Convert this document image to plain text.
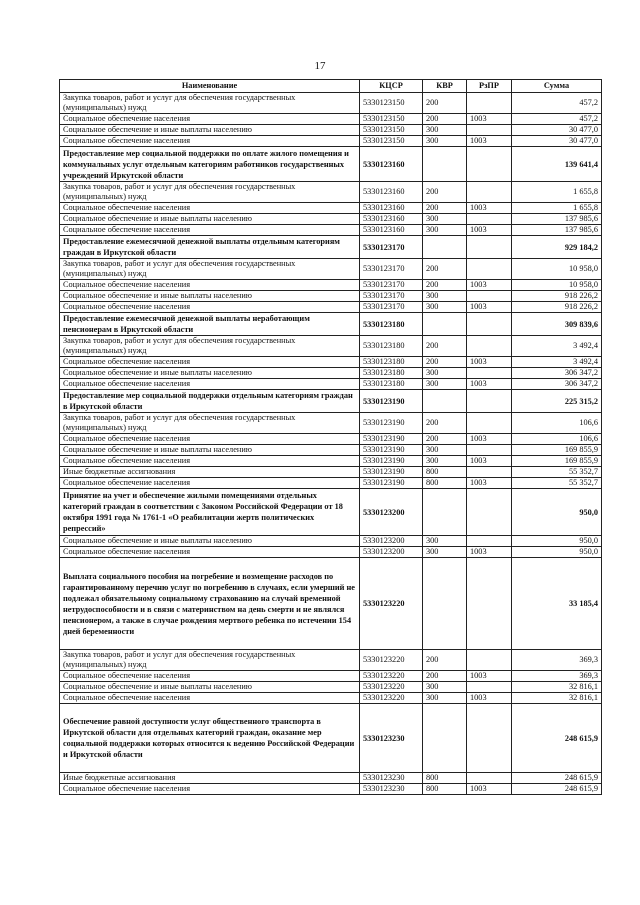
17
Наименование	КЦСР	КВР	РзПР	Сумма
Закупка товаров, работ и услуг для обеспечения государственных (муниципальных) нужд	5330123150	200		457,2
Социальное обеспечение населения	5330123150	200	1003	457,2
Социальное обеспечение и иные выплаты населению	5330123150	300		30 477,0
Социальное обеспечение населения	5330123150	300	1003	30 477,0
Предоставление мер социальной поддержки по оплате жилого помещения и коммунальных услуг отдельным категориям работников государственных учреждений Иркутской области	5330123160			139 641,4
Закупка товаров, работ и услуг для обеспечения государственных (муниципальных) нужд	5330123160	200		1 655,8
Социальное обеспечение населения	5330123160	200	1003	1 655,8
Социальное обеспечение и иные выплаты населению	5330123160	300		137 985,6
Социальное обеспечение населения	5330123160	300	1003	137 985,6
Предоставление ежемесячной денежной выплаты отдельным категориям граждан в Иркутской области	5330123170			929 184,2
Закупка товаров, работ и услуг для обеспечения государственных (муниципальных) нужд	5330123170	200		10 958,0
Социальное обеспечение населения	5330123170	200	1003	10 958,0
Социальное обеспечение и иные выплаты населению	5330123170	300		918 226,2
Социальное обеспечение населения	5330123170	300	1003	918 226,2
Предоставление ежемесячной денежной выплаты неработающим пенсионерам в Иркутской области	5330123180			309 839,6
Закупка товаров, работ и услуг для обеспечения государственных (муниципальных) нужд	5330123180	200		3 492,4
Социальное обеспечение населения	5330123180	200	1003	3 492,4
Социальное обеспечение и иные выплаты населению	5330123180	300		306 347,2
Социальное обеспечение населения	5330123180	300	1003	306 347,2
Предоставление мер социальной поддержки отдельным категориям граждан в Иркутской области	5330123190			225 315,2
Закупка товаров, работ и услуг для обеспечения государственных (муниципальных) нужд	5330123190	200		106,6
Социальное обеспечение населения	5330123190	200	1003	106,6
Социальное обеспечение и иные выплаты населению	5330123190	300		169 855,9
Социальное обеспечение населения	5330123190	300	1003	169 855,9
Иные бюджетные ассигнования	5330123190	800		55 352,7
Социальное обеспечение населения	5330123190	800	1003	55 352,7
Принятие на учет и обеспечение жилыми помещениями отдельных категорий граждан в соответствии с Законом Российской Федерации от 18 октября 1991 года № 1761-1 «О реабилитации жертв политических репрессий»	5330123200			950,0
Социальное обеспечение и иные выплаты населению	5330123200	300		950,0
Социальное обеспечение населения	5330123200	300	1003	950,0
Выплата социального пособия на погребение и возмещение расходов по гарантированному перечню услуг по погребению в случаях, если умерший не подлежал обязательному социальному страхованию на случай временной нетрудоспособности и в связи с материнством на день смерти и не являлся пенсионером, а также в случае рождения мертвого ребенка по истечении 154 дней беременности	5330123220			33 185,4
Закупка товаров, работ и услуг для обеспечения государственных (муниципальных) нужд	5330123220	200		369,3
Социальное обеспечение населения	5330123220	200	1003	369,3
Социальное обеспечение и иные выплаты населению	5330123220	300		32 816,1
Социальное обеспечение населения	5330123220	300	1003	32 816,1
Обеспечение равной доступности услуг общественного транспорта в Иркутской области для отдельных категорий граждан, оказание мер социальной поддержки которых относится к ведению Российской Федерации и Иркутской области	5330123230			248 615,9
Иные бюджетные ассигнования	5330123230	800		248 615,9
Социальное обеспечение населения	5330123230	800	1003	248 615,9
